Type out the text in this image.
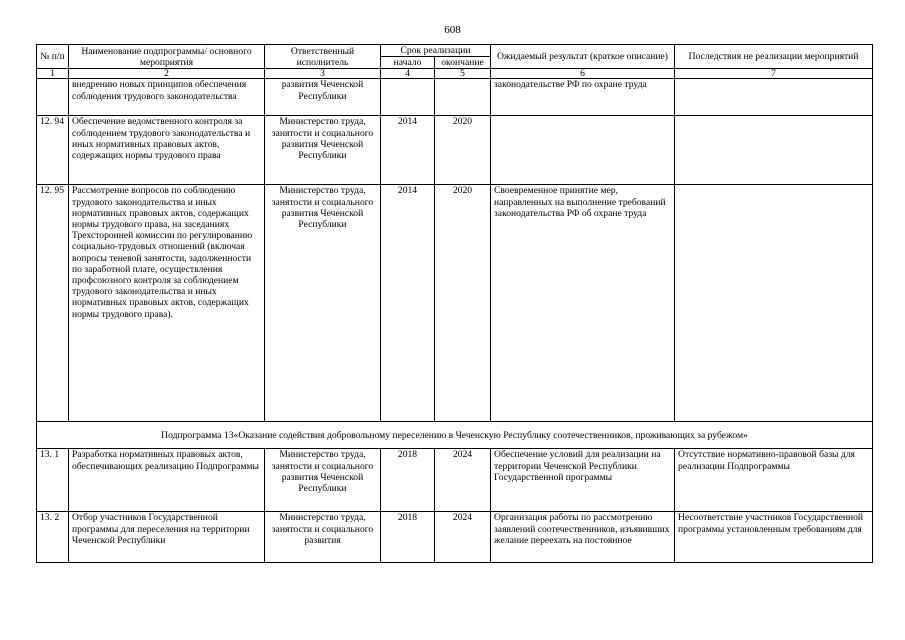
608
№ п/п	Наименование подпрограммы/ основного мероприятия	Ответственный исполнитель	Срок реализации		Ожидаемый результат (краткое описание)	Последствия не реализации мероприятий
			начало	окончание		
1	2	3	4	5	6	7
	внедрению новых принципов обеспечения соблюдения трудового законодательства	развития Чеченской Республики			законодательстве РФ по охране труда	
12. 94	Обеспечение ведомственного контроля за соблюдением трудового законодательства и иных нормативных правовых актов, содержащих нормы трудового права	Министерство труда, занятости и социального развития Чеченской Республики	2014	2020		
12. 95	Рассмотрение вопросов по соблюдению трудового законодательства и иных нормативных правовых актов, содержащих нормы трудового права, на заседаниях Трехсторонней комиссии по регулированию социально-трудовых отношений (включая вопросы теневой занятости, задолженности по заработной плате, осуществления профсоюзного контроля за соблюдением трудового законодательства и иных нормативных правовых актов, содержащих нормы трудового права).	Министерство труда, занятости и социального развития Чеченской Республики	2014	2020	Своевременное принятие мер, направленных на выполнение требований законодательства РФ об охране труда	
Подпрограмма 13«Оказание содействия добровольному переселению в Чеченскую Республику соотечественников, проживающих за рубежом»						
13. 1	Разработка нормативных правовых актов, обеспечивающих реализацию Подпрограммы	Министерство труда, занятости и социального развития Чеченской Республики	2018	2024	Обеспечение условий для реализации на территории Чеченской Республики Государственной программы	Отсутствие нормативно-правовой базы для реализации Подпрограммы
13. 2	Отбор участников Государственной программы для переселения на территории Чеченской Республики	Министерство труда, занятости и социального развития	2018	2024	Организация работы по рассмотрению заявлений соотечественников, изъявивших желание переехать на постоянное	Несоответствие участников Государственной программы установленным требованиям для
